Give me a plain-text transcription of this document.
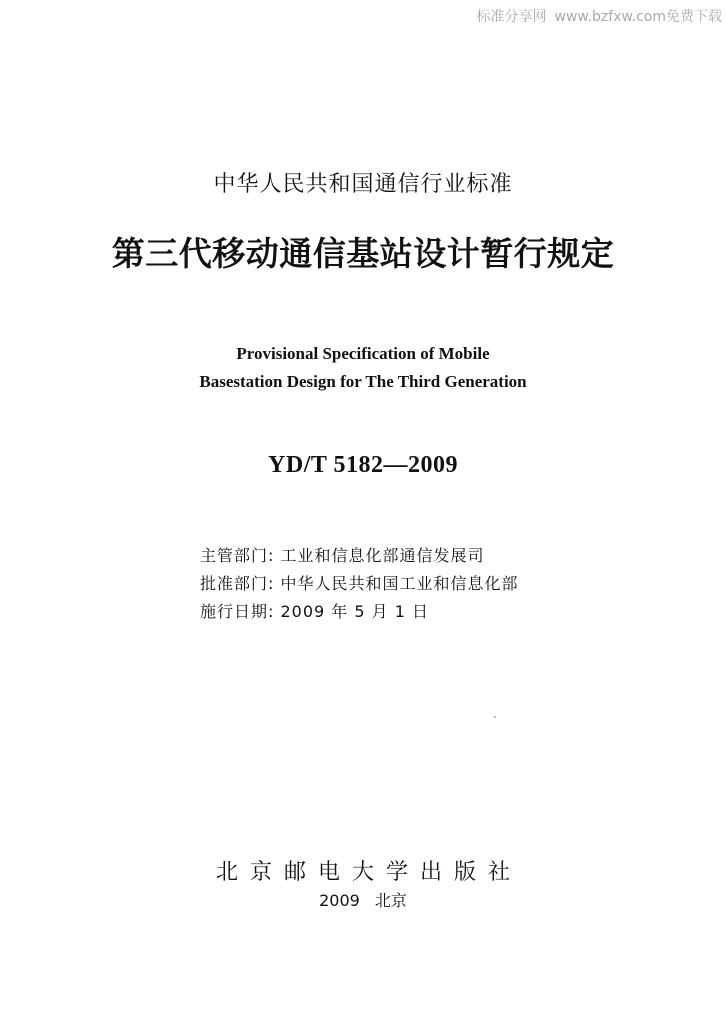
标准分享网 www.bzfxw.com免费下载
中华人民共和国通信行业标准
第三代移动通信基站设计暂行规定
Provisional Specification of Mobile
Basestation Design for The Third Generation
YD/T 5182—2009
主管部门: 工业和信息化部通信发展司
批准部门: 中华人民共和国工业和信息化部
施行日期: 2009 年 5 月 1 日
北京邮电大学出版社
2009 北京
